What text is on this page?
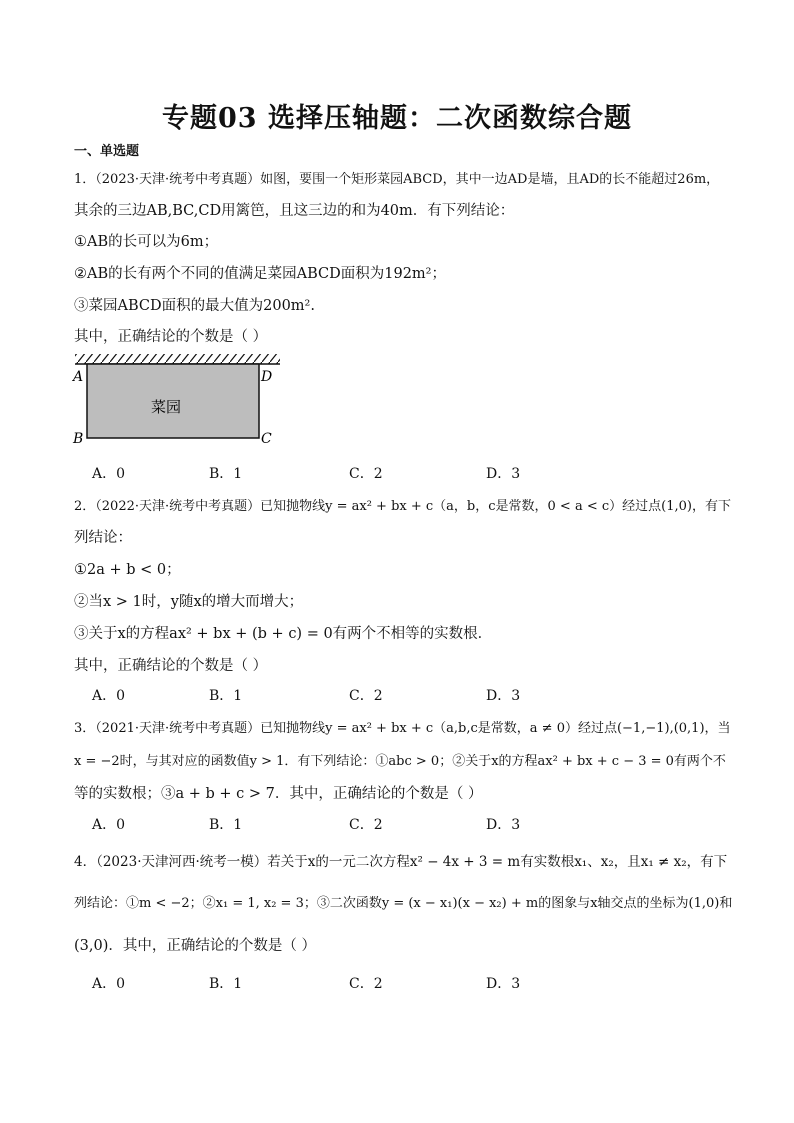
专题03 选择压轴题：二次函数综合题
一、单选题
1．（2023·天津·统考中考真题）如图，要围一个矩形菜园ABCD，其中一边AD是墙，且AD的长不能超过26m，
其余的三边AB,BC,CD用篱笆，且这三边的和为40m．有下列结论：
①AB的长可以为6m；
②AB的长有两个不同的值满足菜园ABCD面积为192m²；
③菜园ABCD面积的最大值为200m².
其中，正确结论的个数是（ ）
菜园
A	D
B	C
A．0	B．1	C．2	D．3
2．（2022·天津·统考中考真题）已知抛物线y = ax² + bx + c（a，b，c是常数，0 < a < c）经过点(1,0)，有下
列结论：
①2a + b < 0；
②当x > 1时，y随x的增大而增大；
③关于x的方程ax² + bx + (b + c) = 0有两个不相等的实数根．
其中，正确结论的个数是（ ）
A．0	B．1	C．2	D．3
3．（2021·天津·统考中考真题）已知抛物线y = ax² + bx + c（a,b,c是常数，a ≠ 0）经过点(−1,−1),(0,1)，当
x = −2时，与其对应的函数值y > 1．有下列结论：①abc > 0；②关于x的方程ax² + bx + c − 3 = 0有两个不
等的实数根；③a + b + c > 7．其中，正确结论的个数是（ ）
A．0	B．1	C．2	D．3
4．（2023·天津河西·统考一模）若关于x的一元二次方程x² − 4x + 3 = m有实数根x₁、x₂，且x₁ ≠ x₂，有下
列结论：①m < −2；②x₁ = 1, x₂ = 3；③二次函数y = (x − x₁)(x − x₂) + m的图象与x轴交点的坐标为(1,0)和
(3,0)．其中，正确结论的个数是（ ）
A．0	B．1	C．2	D．3
